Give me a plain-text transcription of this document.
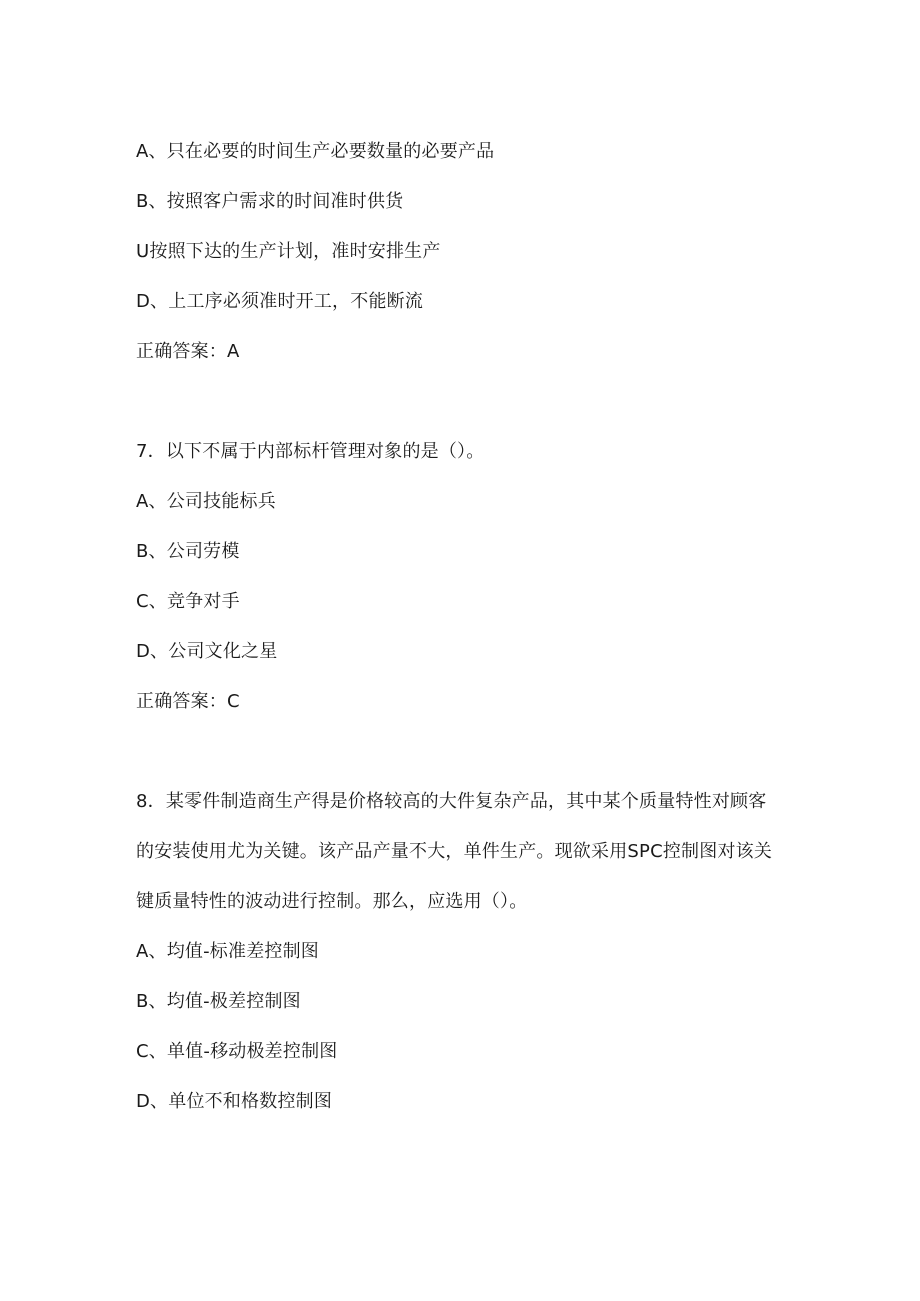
A、只在必要的时间生产必要数量的必要产品
B、按照客户需求的时间准时供货
U按照下达的生产计划，准时安排生产
D、上工序必须准时开工，不能断流
正确答案：A
7．以下不属于内部标杆管理对象的是（）。
A、公司技能标兵
B、公司劳模
C、竞争对手
D、公司文化之星
正确答案：C
8．某零件制造商生产得是价格较高的大件复杂产品，其中某个质量特性对顾客
的安装使用尤为关键。该产品产量不大，单件生产。现欲采用SPC控制图对该关
键质量特性的波动进行控制。那么，应选用（）。
A、均值-标准差控制图
B、均值-极差控制图
C、单值-移动极差控制图
D、单位不和格数控制图
